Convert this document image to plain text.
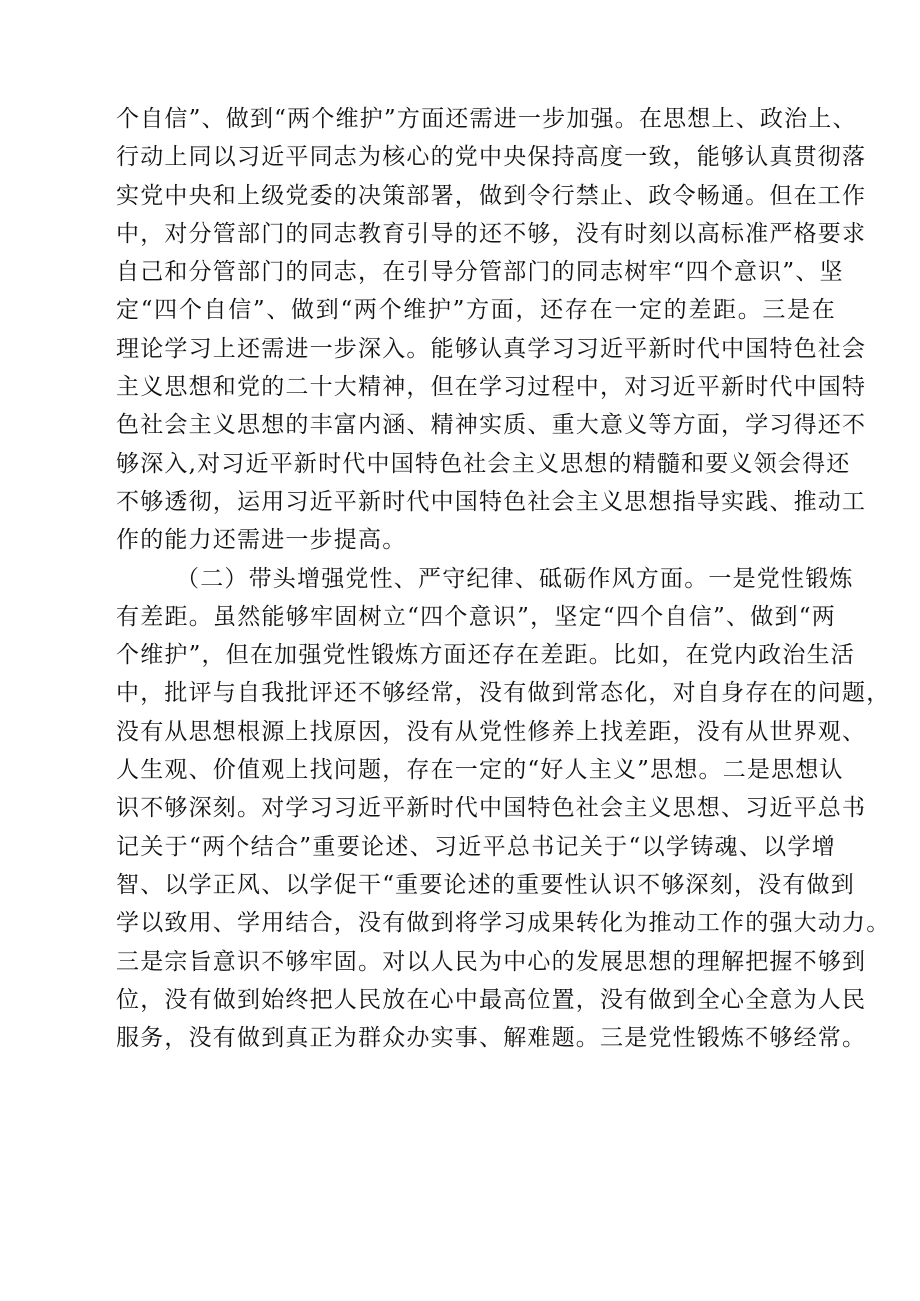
个自信”、做到“两个维护”方面还需进一步加强。在思想上、政治上、
行动上同以习近平同志为核心的党中央保持高度一致，能够认真贯彻落
实党中央和上级党委的决策部署，做到令行禁止、政令畅通。但在工作
中，对分管部门的同志教育引导的还不够，没有时刻以高标准严格要求
自己和分管部门的同志，在引导分管部门的同志树牢“四个意识”、坚
定“四个自信”、做到“两个维护”方面，还存在一定的差距。三是在
理论学习上还需进一步深入。能够认真学习习近平新时代中国特色社会
主义思想和党的二十大精神，但在学习过程中，对习近平新时代中国特
色社会主义思想的丰富内涵、精神实质、重大意义等方面，学习得还不
够深入,对习近平新时代中国特色社会主义思想的精髓和要义领会得还
不够透彻，运用习近平新时代中国特色社会主义思想指导实践、推动工
作的能力还需进一步提高。
（二）带头增强党性、严守纪律、砥砺作风方面。一是党性锻炼
有差距。虽然能够牢固树立“四个意识”，坚定“四个自信”、做到“两
个维护”，但在加强党性锻炼方面还存在差距。比如，在党内政治生活
中，批评与自我批评还不够经常，没有做到常态化，对自身存在的问题，
没有从思想根源上找原因，没有从党性修养上找差距，没有从世界观、
人生观、价值观上找问题，存在一定的“好人主义”思想。二是思想认
识不够深刻。对学习习近平新时代中国特色社会主义思想、习近平总书
记关于“两个结合”重要论述、习近平总书记关于“以学铸魂、以学增
智、以学正风、以学促干“重要论述的重要性认识不够深刻，没有做到
学以致用、学用结合，没有做到将学习成果转化为推动工作的强大动力。
三是宗旨意识不够牢固。对以人民为中心的发展思想的理解把握不够到
位，没有做到始终把人民放在心中最高位置，没有做到全心全意为人民
服务，没有做到真正为群众办实事、解难题。三是党性锻炼不够经常。
